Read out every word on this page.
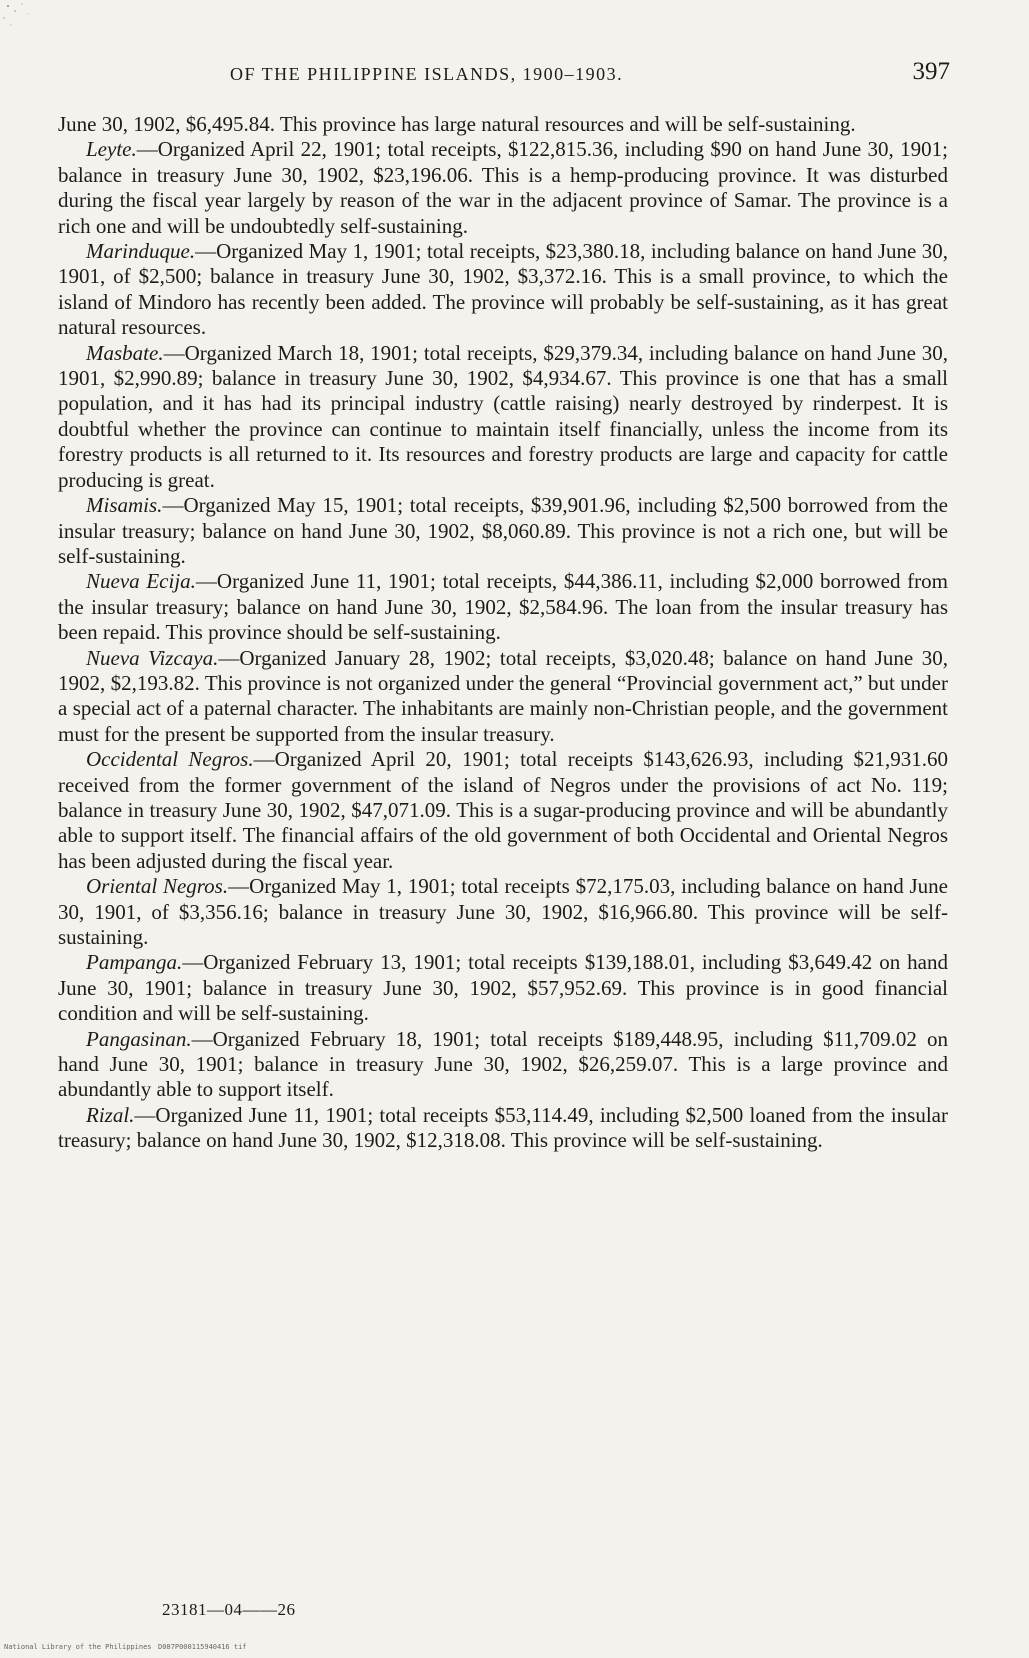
OF THE PHILIPPINE ISLANDS, 1900–1903.	397

June 30, 1902, $6,495.84. This province has large natural resources and will be self-sustaining.

Leyte.—Organized April 22, 1901; total receipts, $122,815.36, including $90 on hand June 30, 1901; balance in treasury June 30, 1902, $23,196.06. This is a hemp-producing province. It was disturbed during the fiscal year largely by reason of the war in the adjacent province of Samar. The province is a rich one and will be undoubtedly self-sustaining.

Marinduque.—Organized May 1, 1901; total receipts, $23,380.18, including balance on hand June 30, 1901, of $2,500; balance in treasury June 30, 1902, $3,372.16. This is a small province, to which the island of Mindoro has recently been added. The province will probably be self-sustaining, as it has great natural resources.

Masbate.—Organized March 18, 1901; total receipts, $29,379.34, including balance on hand June 30, 1901, $2,990.89; balance in treasury June 30, 1902, $4,934.67. This province is one that has a small population, and it has had its principal industry (cattle raising) nearly destroyed by rinderpest. It is doubtful whether the province can continue to maintain itself financially, unless the income from its forestry products is all returned to it. Its resources and forestry products are large and capacity for cattle producing is great.

Misamis.—Organized May 15, 1901; total receipts, $39,901.96, including $2,500 borrowed from the insular treasury; balance on hand June 30, 1902, $8,060.89. This province is not a rich one, but will be self-sustaining.

Nueva Ecija.—Organized June 11, 1901; total receipts, $44,386.11, including $2,000 borrowed from the insular treasury; balance on hand June 30, 1902, $2,584.96. The loan from the insular treasury has been repaid. This province should be self-sustaining.

Nueva Vizcaya.—Organized January 28, 1902; total receipts, $3,020.48; balance on hand June 30, 1902, $2,193.82. This province is not organized under the general “Provincial government act,” but under a special act of a paternal character. The inhabitants are mainly non-Christian people, and the government must for the present be supported from the insular treasury.

Occidental Negros.—Organized April 20, 1901; total receipts $143,626.93, including $21,931.60 received from the former government of the island of Negros under the provisions of act No. 119; balance in treasury June 30, 1902, $47,071.09. This is a sugar-producing province and will be abundantly able to support itself. The financial affairs of the old government of both Occidental and Oriental Negros has been adjusted during the fiscal year.

Oriental Negros.—Organized May 1, 1901; total receipts $72,175.03, including balance on hand June 30, 1901, of $3,356.16; balance in treasury June 30, 1902, $16,966.80. This province will be self-sustaining.

Pampanga.—Organized February 13, 1901; total receipts $139,188.01, including $3,649.42 on hand June 30, 1901; balance in treasury June 30, 1902, $57,952.69. This province is in good financial condition and will be self-sustaining.

Pangasinan.—Organized February 18, 1901; total receipts $189,448.95, including $11,709.02 on hand June 30, 1901; balance in treasury June 30, 1902, $26,259.07. This is a large province and abundantly able to support itself.

Rizal.—Organized June 11, 1901; total receipts $53,114.49, including $2,500 loaned from the insular treasury; balance on hand June 30, 1902, $12,318.08. This province will be self-sustaining.

23181—04——26
National Library of the Philippines D087P000115940416 tif
